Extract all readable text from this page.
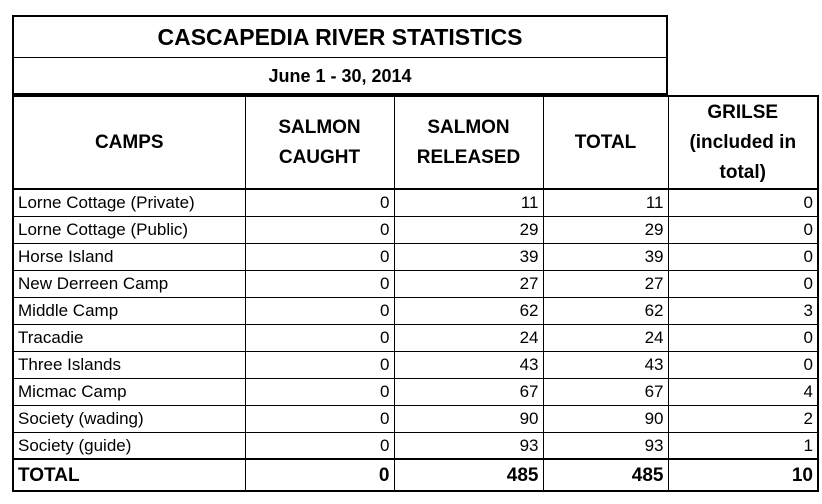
CASCAPEDIA RIVER STATISTICS
June 1 - 30, 2014
CAMPS	SALMON CAUGHT	SALMON RELEASED	TOTAL	GRILSE (included in total)
Lorne Cottage (Private)	0	11	11	0
Lorne Cottage (Public)	0	29	29	0
Horse Island	0	39	39	0
New Derreen Camp	0	27	27	0
Middle Camp	0	62	62	3
Tracadie	0	24	24	0
Three Islands	0	43	43	0
Micmac Camp	0	67	67	4
Society (wading)	0	90	90	2
Society (guide)	0	93	93	1
TOTAL	0	485	485	10
